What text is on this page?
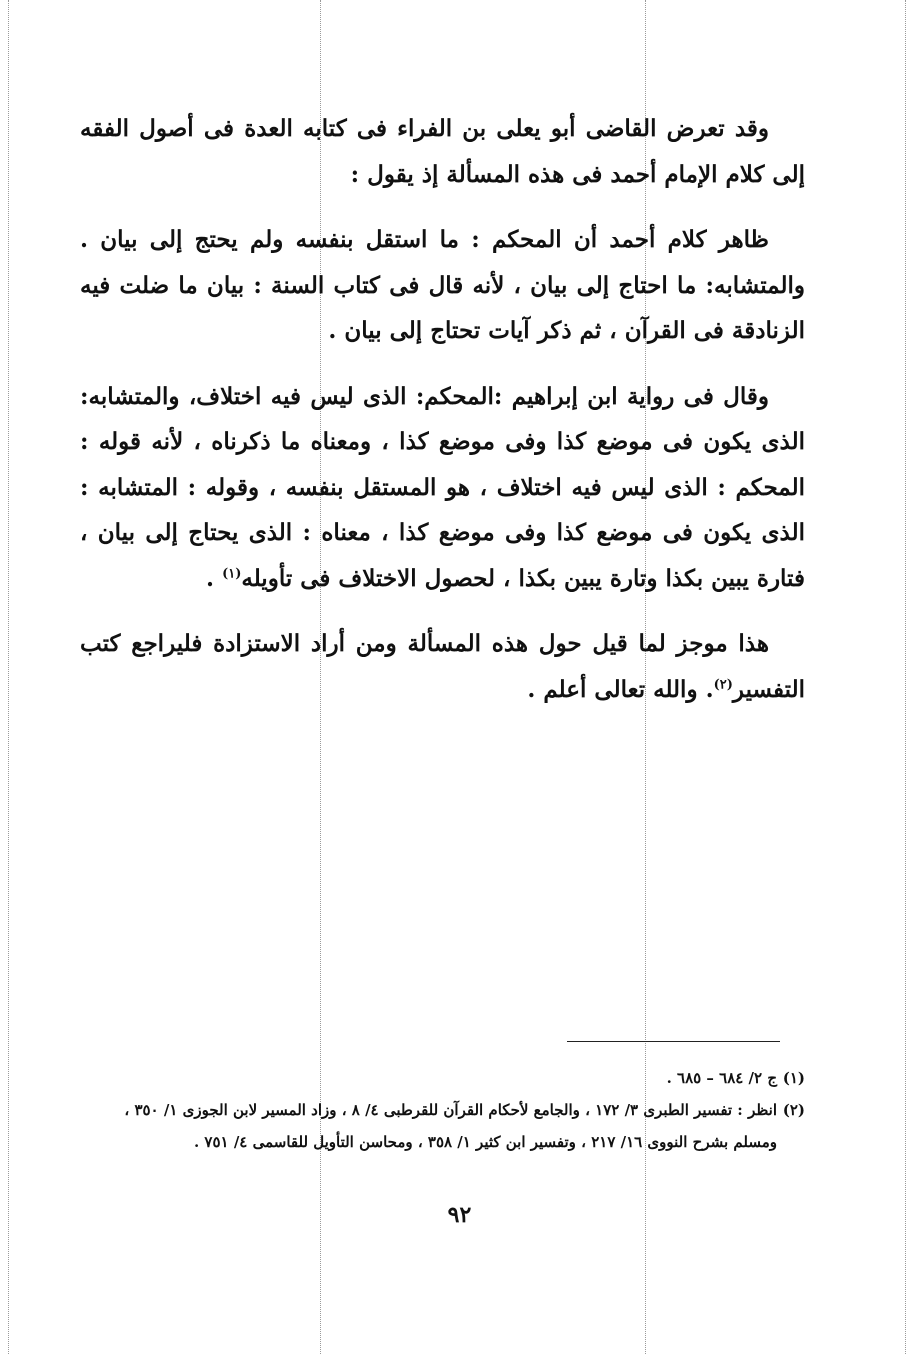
وقد تعرض القاضى أبو يعلى بن الفراء فى كتابه العدة فى أصول الفقه إلى كلام الإمام أحمد فى هذه المسألة إذ يقول :

ظاهر كلام أحمد أن المحكم : ما استقل بنفسه ولم يحتج إلى بيان . والمتشابه: ما احتاج إلى بيان ، لأنه قال فى كتاب السنة : بيان ما ضلت فيه الزنادقة فى القرآن ، ثم ذكر آيات تحتاج إلى بيان .

وقال فى رواية ابن إبراهيم :المحكم: الذى ليس فيه اختلاف، والمتشابه: الذى يكون فى موضع كذا وفى موضع كذا ، ومعناه ما ذكرناه ، لأنه قوله : المحكم : الذى ليس فيه اختلاف ، هو المستقل بنفسه ، وقوله : المتشابه : الذى يكون فى موضع كذا وفى موضع كذا ، معناه : الذى يحتاج إلى بيان ، فتارة يبين بكذا وتارة يبين بكذا ، لحصول الاختلاف فى تأويله$^{(١)}$ .

هذا موجز لما قيل حول هذه المسألة ومن أراد الاستزادة فليراجع كتب التفسير$^{(٢)}$. والله تعالى أعلم .

(١)ج ٢/ ٦٨٤ – ٦٨٥ .

(٢)انظر : تفسير الطبرى ٣/ ١٧٢ ، والجامع لأحكام القرآن للقرطبى ٤/ ٨ ، وزاد المسير لابن الجوزى ١/ ٣٥٠ ، ومسلم بشرح النووى ١٦/ ٢١٧ ، وتفسير ابن كثير ١/ ٣٥٨ ، ومحاسن التأويل للقاسمى ٤/ ٧٥١ .

٩٢
